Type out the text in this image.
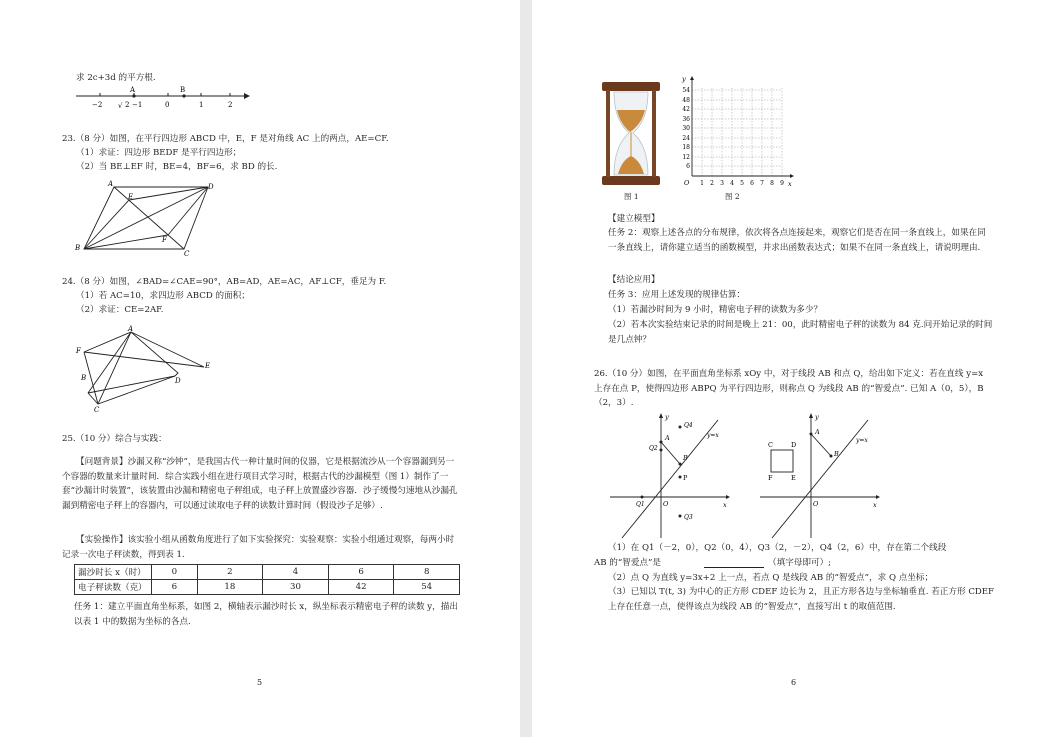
求 2c+3d 的平方根.
A	B
−2 √ 2 −1	0	1	2
23.（8 分）如图，在平行四边形 ABCD 中，E，F 是对角线 AC 上的两点，AE=CF.
（1）求证：四边形 BEDF 是平行四边形；
（2）当 BE⊥EF 时，BE=4，BF=6，求 BD 的长.
A	D
B
C
E
F
24.（8 分）如图，∠BAD=∠CAE=90°，AB=AD，AE=AC，AF⊥CF，垂足为 F.
（1）若 AC=10，求四边形 ABCD 的面积；
（2）求证：CE=2AF.
A
F
B
E
D
C
25.（10 分）综合与实践：
【问题背景】沙漏又称“沙钟”，是我国古代一种计量时间的仪器，它是根据流沙从一个容器漏到另一个容器的数量来计量时间．综合实践小组在进行项目式学习时，根据古代的沙漏模型（图 1）制作了一套“沙漏计时装置”，该装置由沙漏和精密电子秤组成，电子秤上放置盛沙容器．沙子缓慢匀速地从沙漏孔漏到精密电子秤上的容器内，可以通过读取电子秤的读数计算时间（假设沙子足够）.
【实验操作】该实验小组从函数角度进行了如下实验探究：实验观察：实验小组通过观察，每两小时记录一次电子秤读数，得到表 1.
漏沙时长 x（时）	0	2	4	6	8
电子秤读数（克）	6	18	30	42	54
任务 1：建立平面直角坐标系，如图 2，横轴表示漏沙时长 x，纵坐标表示精密电子秤的读数 y，描出以表 1 中的数据为坐标的各点.
5
图 1
y
x
O
54
48
42
36
30
24
18
12
6
1 2 3 4 5 6 7 8 9
图 2
【建立模型】
任务 2：观察上述各点的分布规律，依次将各点连接起来，观察它们是否在同一条直线上，如果在同一条直线上，请你建立适当的函数模型，并求出函数表达式；如果不在同一条直线上，请说明理由.
【结论应用】
任务 3：应用上述发现的规律估算：
（1）若漏沙时间为 9 小时，精密电子秤的读数为多少？
（2）若本次实验结束记录的时间是晚上 21：00，此时精密电子秤的读数为 84 克.问开始记录的时间是几点钟？
26.（10 分）如图，在平面直角坐标系 xOy 中，对于线段 AB 和点 Q，给出如下定义：若在直线 y=x 上存在点 P，使得四边形 ABPQ 为平行四边形，则称点 Q 为线段 AB 的“智爱点”. 已知 A（0，5），B（2，3）.
y
x
O
A
B
P
Q4
Q2
Q1
Q3
y=x
y
x
O
A
B
C	D
F	E
y=x
（1）在 Q1（－2，0），Q2（0，4），Q3（2，－2），Q4（2，6）中，存在第二个线段
AB 的“智爱点”是	（填字母即可）;
（2）点 Q 为直线 y=3x+2 上一点，若点 Q 是线段 AB 的“智爱点”，求 Q 点坐标；
（3）已知以 T(t, 3) 为中心的正方形 CDEF 边长为 2，且正方形各边与坐标轴垂直. 若正方形 CDEF 上存在任意一点，使得该点为线段 AB 的“智爱点”，直接写出 t 的取值范围.
6
